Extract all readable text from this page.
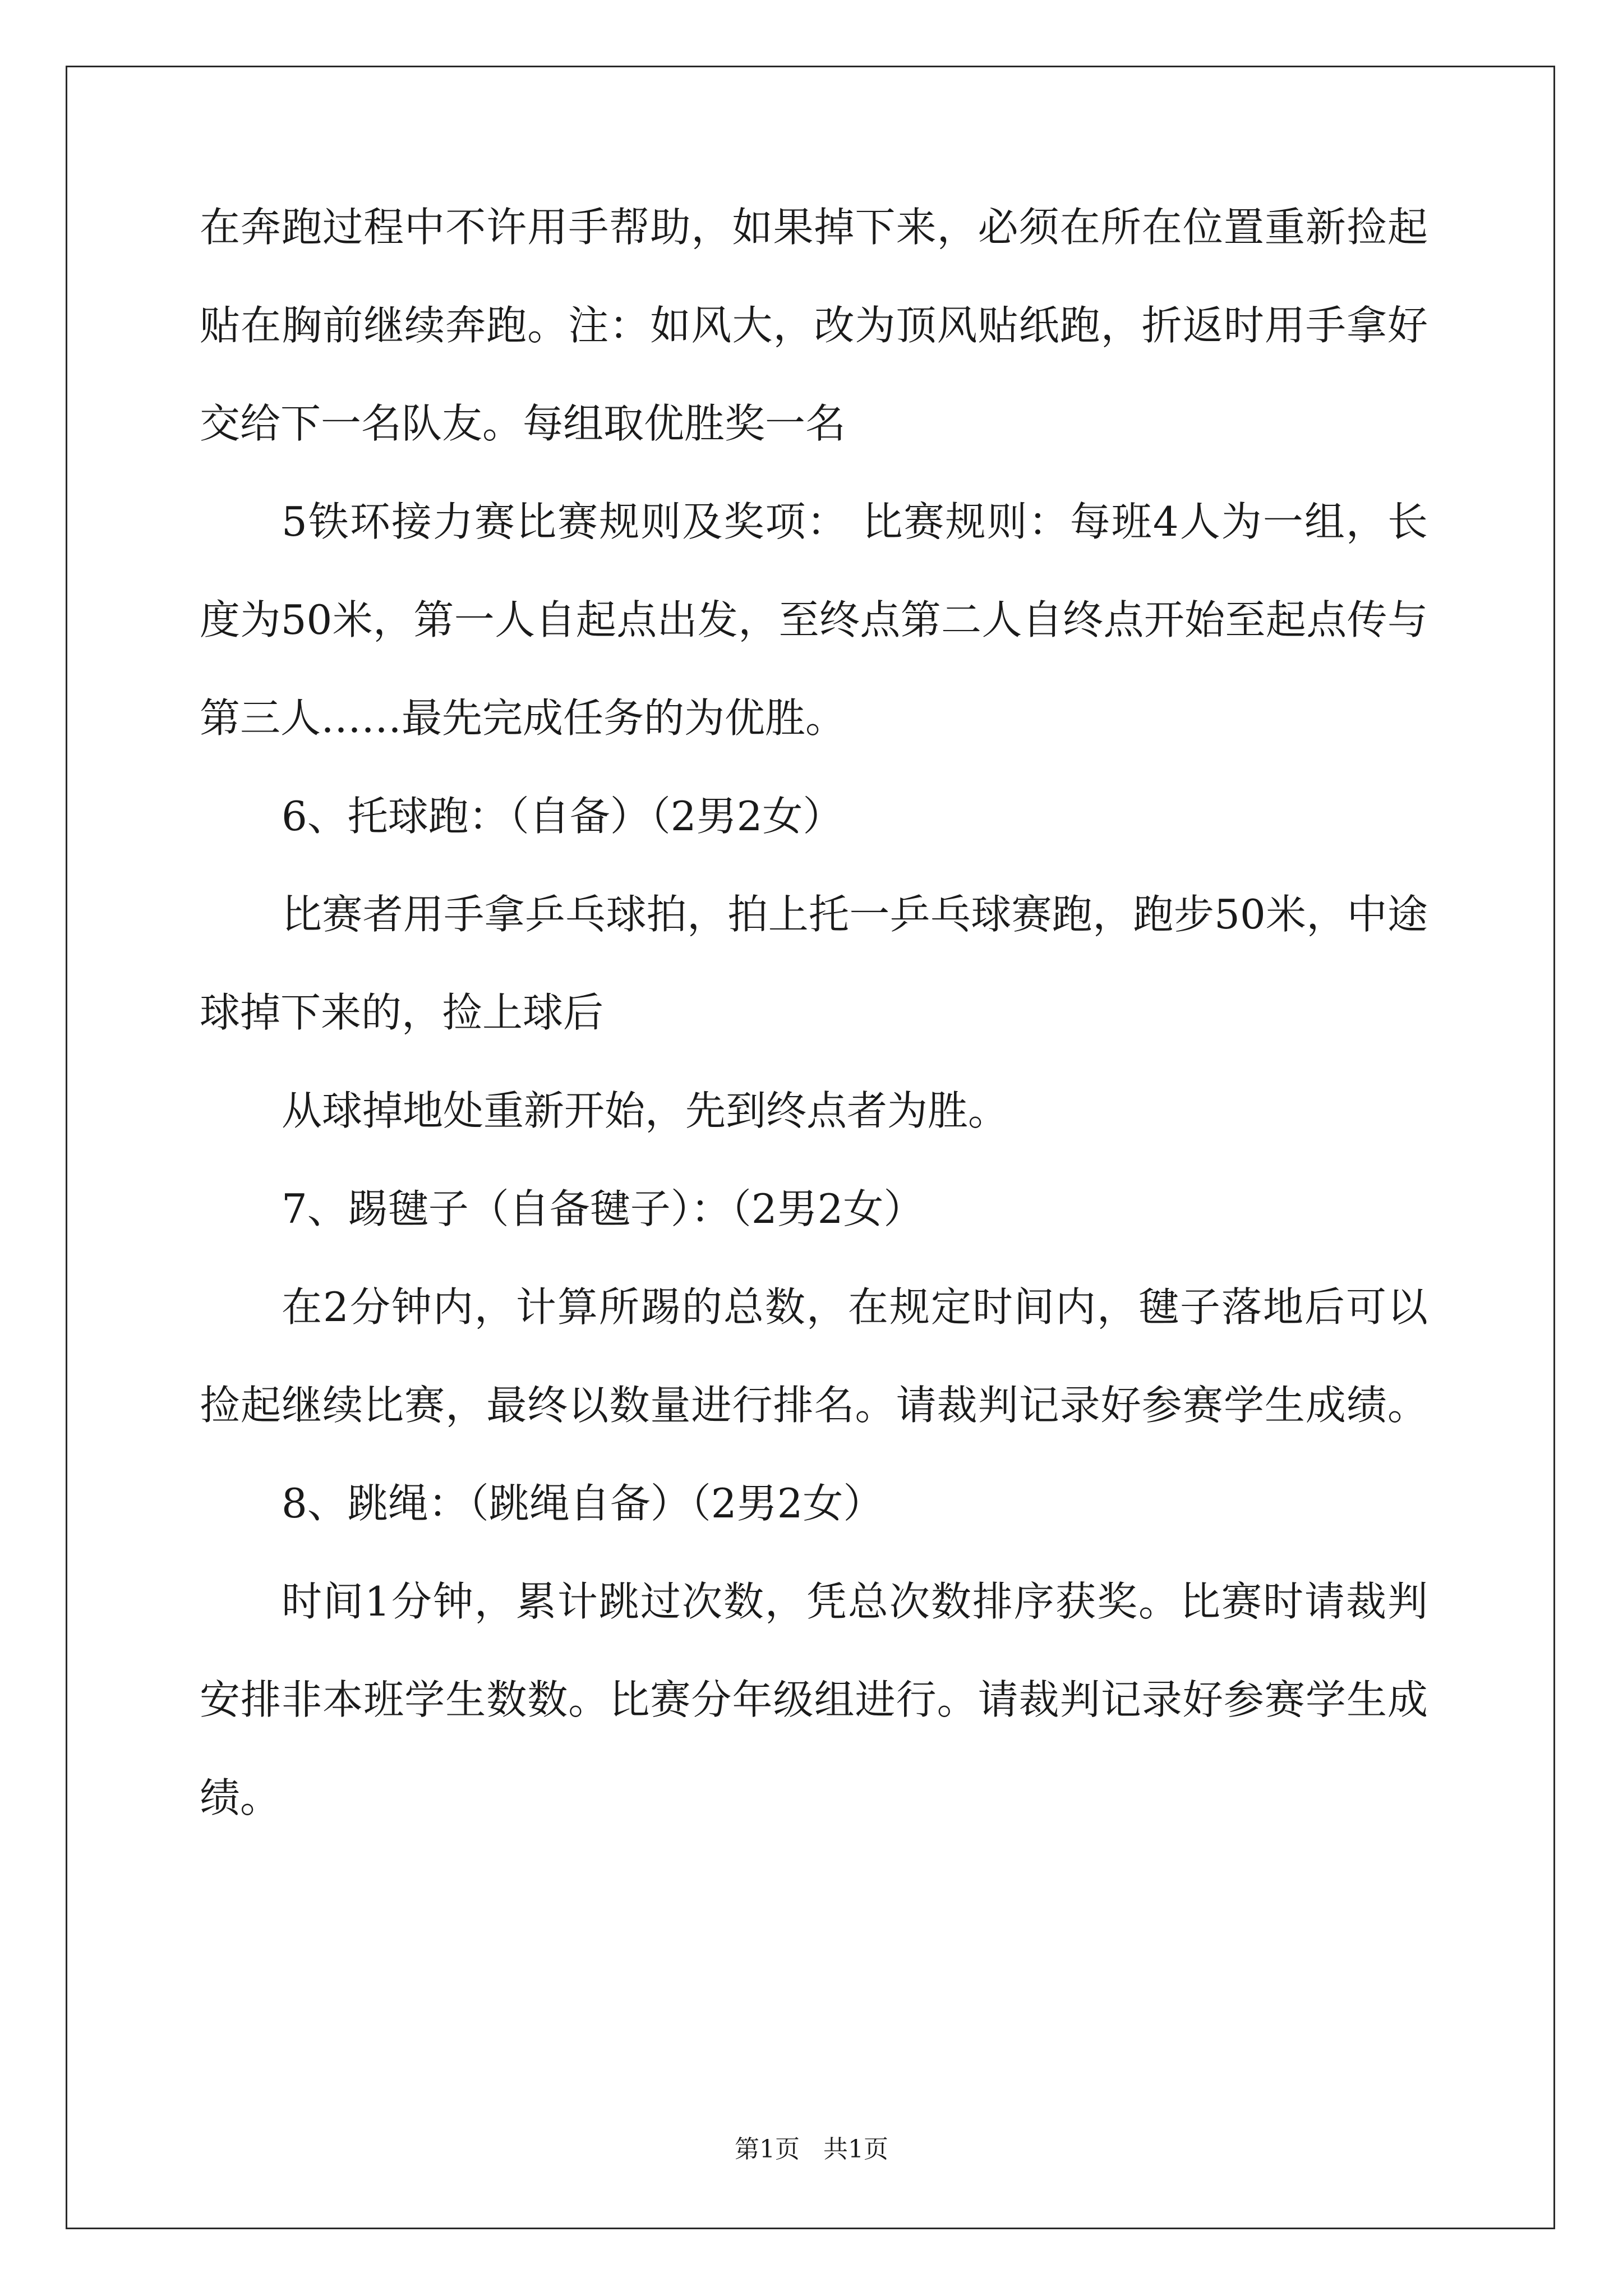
在奔跑过程中不许用手帮助，如果掉下来，必须在所在位置重新捡起
贴在胸前继续奔跑。注：如风大，改为顶风贴纸跑，折返时用手拿好
交给下一名队友。每组取优胜奖一名
5铁环接力赛比赛规则及奖项： 比赛规则：每班4人为一组，长
度为50米，第一人自起点出发，至终点第二人自终点开始至起点传与
第三人……最先完成任务的为优胜。
6、托球跑：（自备）（2男2女）
比赛者用手拿乒乓球拍，拍上托一乒乓球赛跑，跑步50米，中途
球掉下来的，捡上球后
从球掉地处重新开始，先到终点者为胜。
7、踢毽子（自备毽子）：（2男2女）
在2分钟内，计算所踢的总数，在规定时间内，毽子落地后可以
捡起继续比赛，最终以数量进行排名。请裁判记录好参赛学生成绩。
8、跳绳：（跳绳自备）（2男2女）
时间1分钟，累计跳过次数，凭总次数排序获奖。比赛时请裁判
安排非本班学生数数。比赛分年级组进行。请裁判记录好参赛学生成
绩。
第1页 共1页
